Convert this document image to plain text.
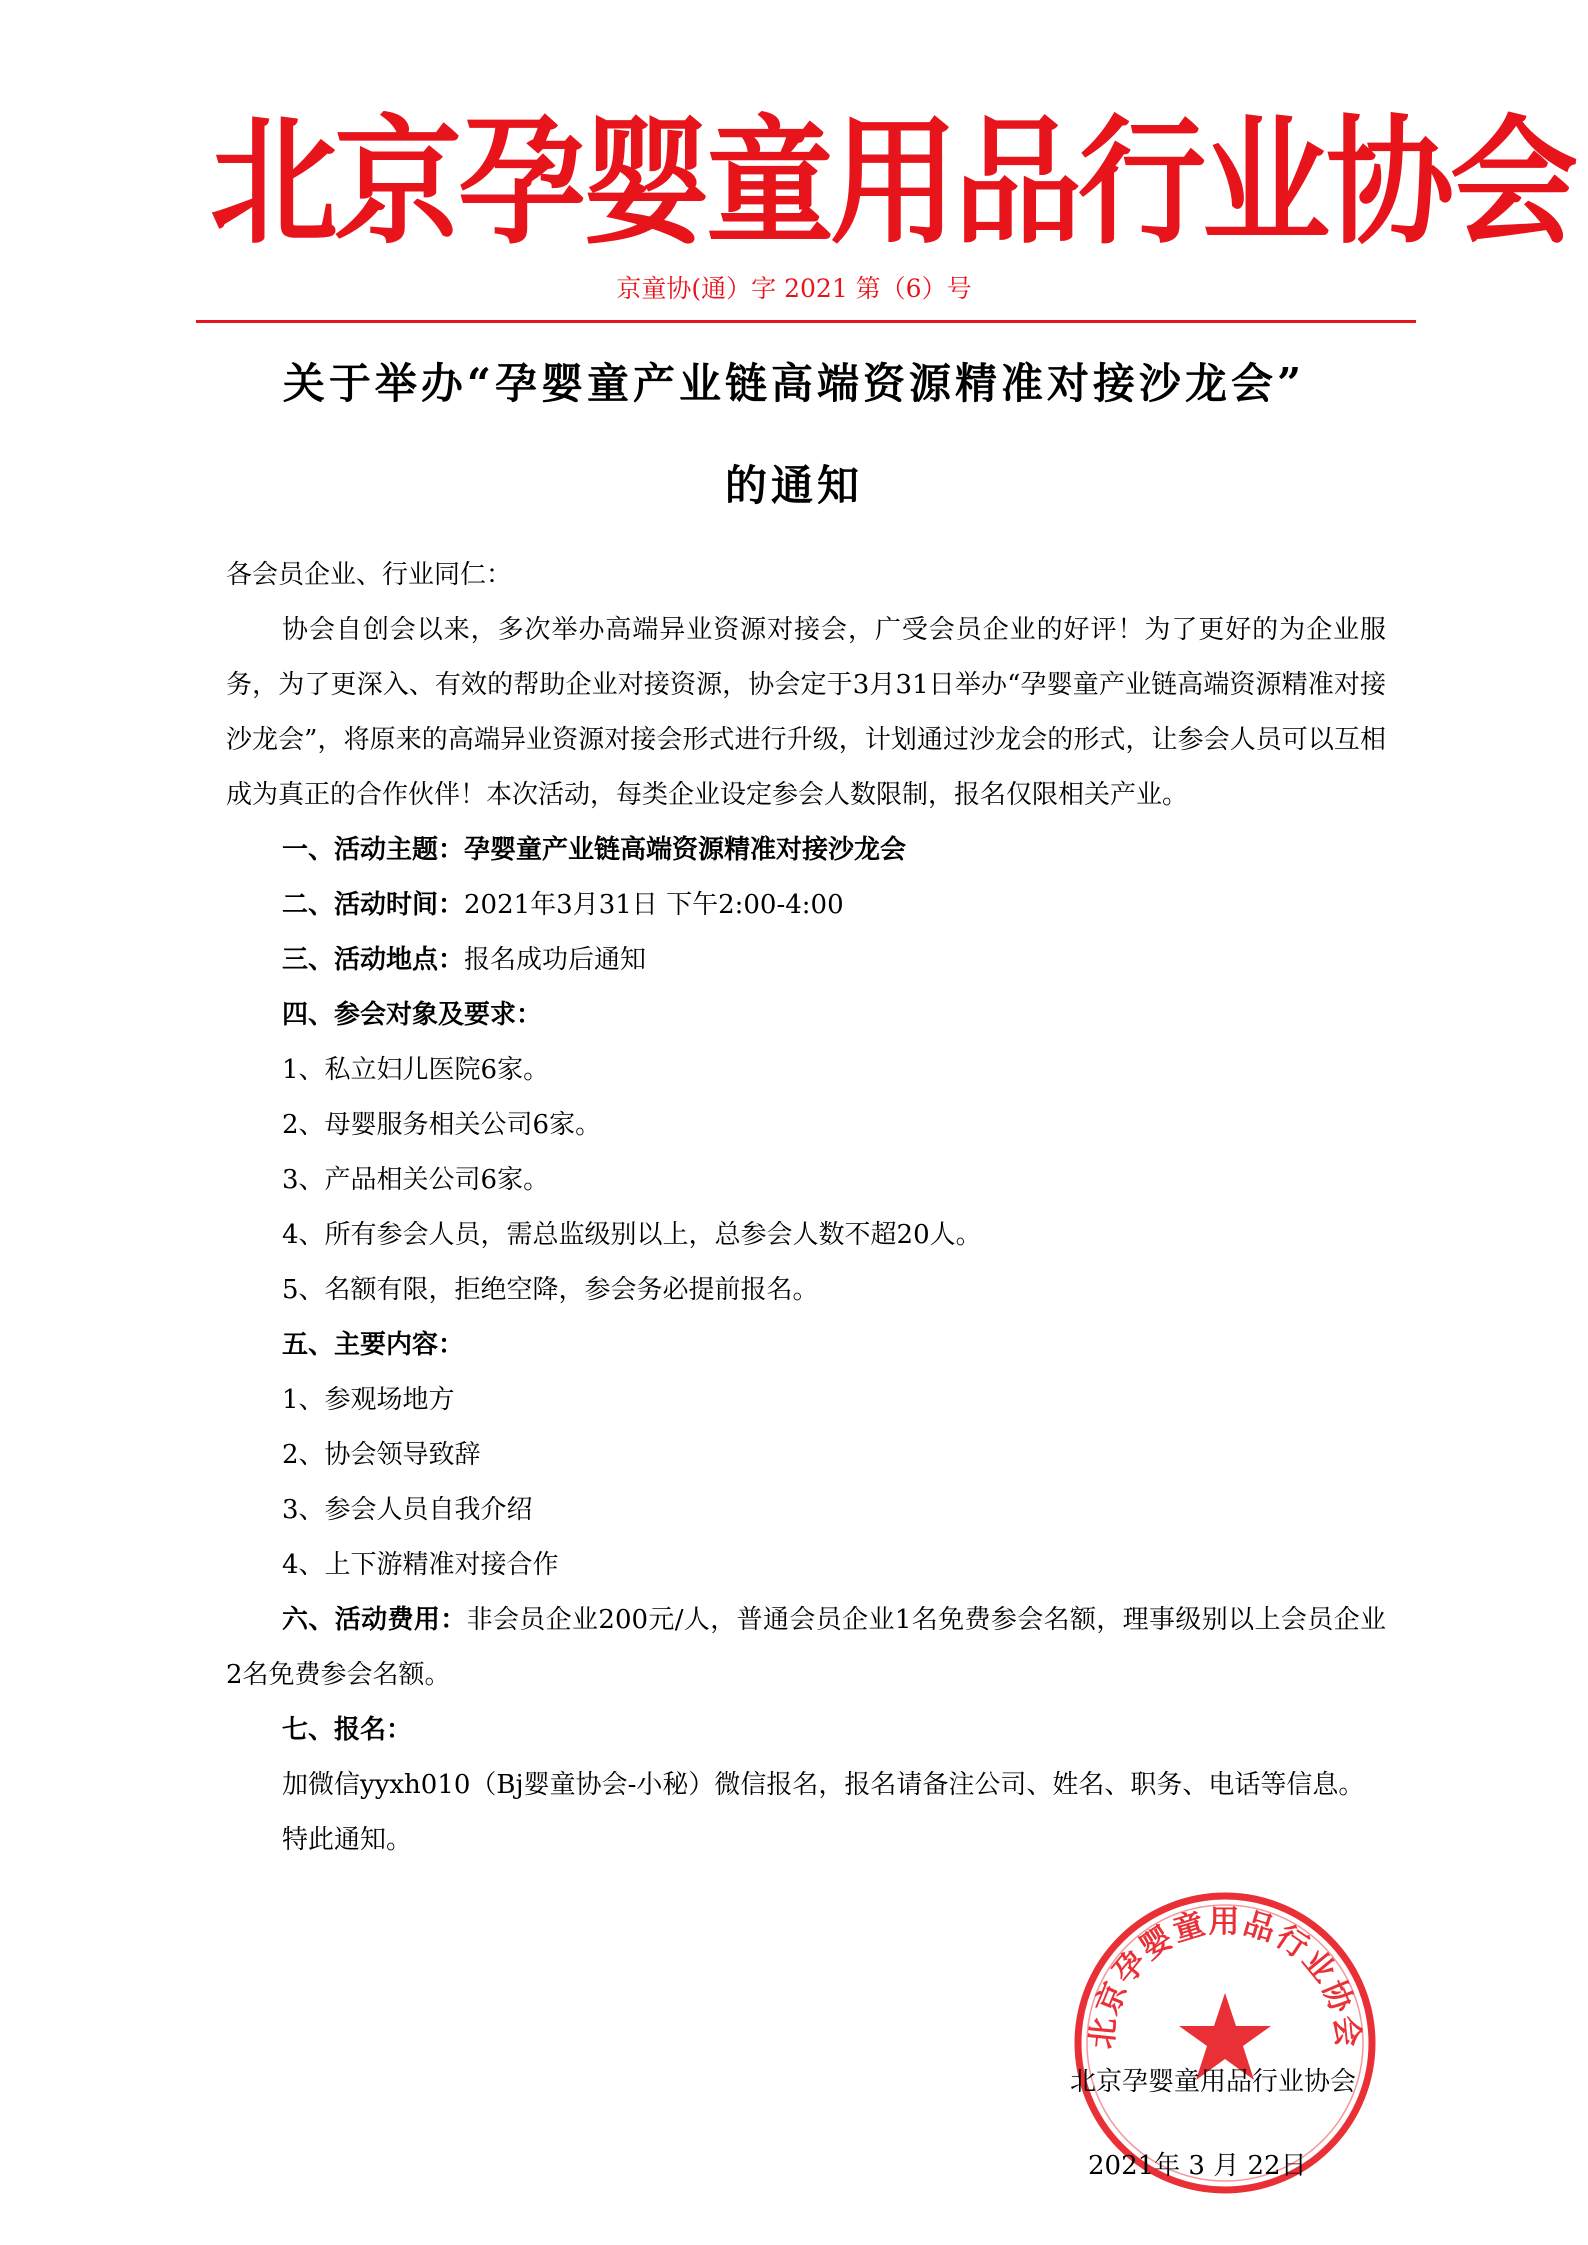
北京孕婴童用品行业协会
京童协(通）字 2021 第（6）号
关于举办“孕婴童产业链高端资源精准对接沙龙会”
的通知

各会员企业、行业同仁：

协会自创会以来，多次举办高端异业资源对接会，广受会员企业的好评！为了更好的为企业服务，为了更深入、有效的帮助企业对接资源，协会定于3月31日举办“孕婴童产业链高端资源精准对接沙龙会”，将原来的高端异业资源对接会形式进行升级，计划通过沙龙会的形式，让参会人员可以互相成为真正的合作伙伴！本次活动，每类企业设定参会人数限制，报名仅限相关产业。

一、活动主题：孕婴童产业链高端资源精准对接沙龙会

二、活动时间：2021年3月31日 下午2:00-4:00

三、活动地点：报名成功后通知

四、参会对象及要求：

1、私立妇儿医院6家。

2、母婴服务相关公司6家。

3、产品相关公司6家。

4、所有参会人员，需总监级别以上，总参会人数不超20人。

5、名额有限，拒绝空降，参会务必提前报名。

五、主要内容：

1、参观场地方

2、协会领导致辞

3、参会人员自我介绍

4、上下游精准对接合作

六、活动费用：非会员企业200元/人，普通会员企业1名免费参会名额，理事级别以上会员企业2名免费参会名额。

七、报名：

加微信yyxh010（Bj婴童协会-小秘）微信报名，报名请备注公司、姓名、职务、电话等信息。

特此通知。

北京孕婴童用品行业协会
北京孕婴童用品行业协会
2021年 3 月 22日
